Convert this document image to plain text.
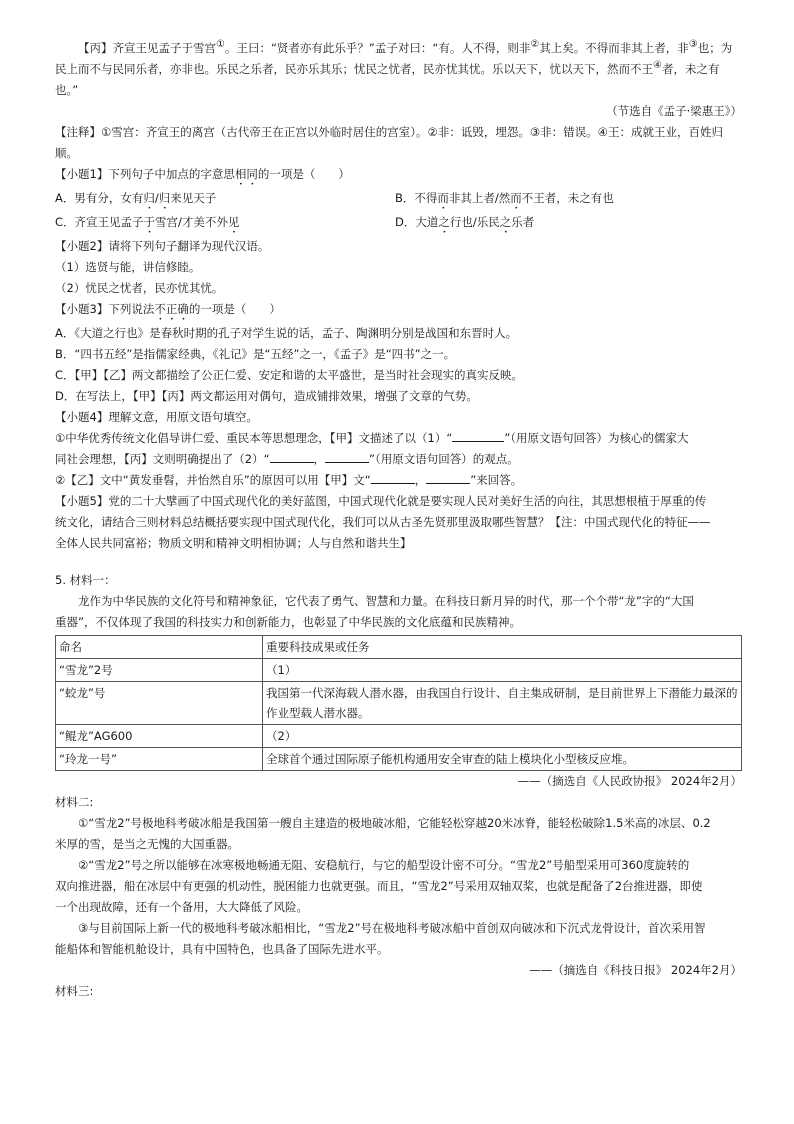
【丙】齐宣王见孟子于雪宫①。王曰：“贤者亦有此乐乎？”孟子对曰：“有。人不得，则非②其上矣。不得而非其上者，非③也；为民上而不与民同乐者，亦非也。乐民之乐者，民亦乐其乐；忧民之忧者，民亦忧其忧。乐以天下，忧以天下，然而不王④者，未之有也。”

（节选自《孟子·梁惠王》）

【注释】①雪宫：齐宣王的离宫（古代帝王在正宫以外临时居住的宫室）。②非：诋毁，埋怨。③非：错误。④王：成就王业，百姓归顺。

【小题1】下列句子中加点的字意思相同的一项是（　　）

A．男有分，女有归/归来见天子	B．不得而非其上者/然而不王者，未之有也
C．齐宣王见孟子于雪宫/才美不外见	D．大道之行也/乐民之乐者

【小题2】请将下列句子翻译为现代汉语。

（1）选贤与能，讲信修睦。

（2）忧民之忧者，民亦忧其忧。

【小题3】下列说法不正确的一项是（　　）

A．《大道之行也》是春秋时期的孔子对学生说的话，孟子、陶渊明分别是战国和东晋时人。

B．“四书五经”是指儒家经典，《礼记》是“五经”之一，《孟子》是“四书”之一。

C．【甲】【乙】两文都描绘了公正仁爱、安定和谐的太平盛世，是当时社会现实的真实反映。

D．在写法上，【甲】【丙】两文都运用对偶句，造成铺排效果，增强了文章的气势。

【小题4】理解文意，用原文语句填空。

①中华优秀传统文化倡导讲仁爱、重民本等思想理念，【甲】文描述了以（1）“	”（用原文语句回答）为核心的儒家大

同社会理想，【丙】文则明确提出了（2）“	，	”（用原文语句回答）的观点。

②【乙】文中“黄发垂髫，并怡然自乐”的原因可以用【甲】文“	，	”来回答。

【小题5】党的二十大擘画了中国式现代化的美好蓝图，中国式现代化就是要实现人民对美好生活的向往，其思想根植于厚重的传

统文化，请结合三则材料总结概括要实现中国式现代化，我们可以从古圣先贤那里汲取哪些智慧？【注：中国式现代化的特征——

全体人民共同富裕；物质文明和精神文明相协调；人与自然和谐共生】

5. 材料一：

龙作为中华民族的文化符号和精神象征，它代表了勇气、智慧和力量。在科技日新月异的时代，那一个个带“龙”字的“大国

重器”，不仅体现了我国的科技实力和创新能力，也彰显了中华民族的文化底蕴和民族精神。

命名	重要科技成果或任务
“雪龙”2号	（1）
“蛟龙”号	我国第一代深海载人潜水器，由我国自行设计、自主集成研制，是目前世界上下潜能力最深的作业型载人潜水器。
“鲲龙”AG600	（2）
“玲龙一号”	全球首个通过国际原子能机构通用安全审查的陆上模块化小型核反应堆。

——（摘选自《人民政协报》 2024年2月）

材料二:

①“雪龙2”号极地科考破冰船是我国第一艘自主建造的极地破冰船，它能轻松穿越20米冰脊，能轻松破除1.5米高的冰层、0.2

米厚的雪，是当之无愧的大国重器。

②“雪龙2”号之所以能够在冰寒极地畅通无阻、安稳航行，与它的船型设计密不可分。“雪龙2”号船型采用可360度旋转的

双向推进器，船在冰层中有更强的机动性，脱困能力也就更强。而且，“雪龙2”号采用双轴双桨，也就是配备了2台推进器，即使

一个出现故障，还有一个备用，大大降低了风险。

③与目前国际上新一代的极地科考破冰船相比，“雪龙2”号在极地科考破冰船中首创双向破冰和下沉式龙骨设计，首次采用智

能船体和智能机舱设计，具有中国特色，也具备了国际先进水平。

——（摘选自《科技日报》 2024年2月）

材料三:
